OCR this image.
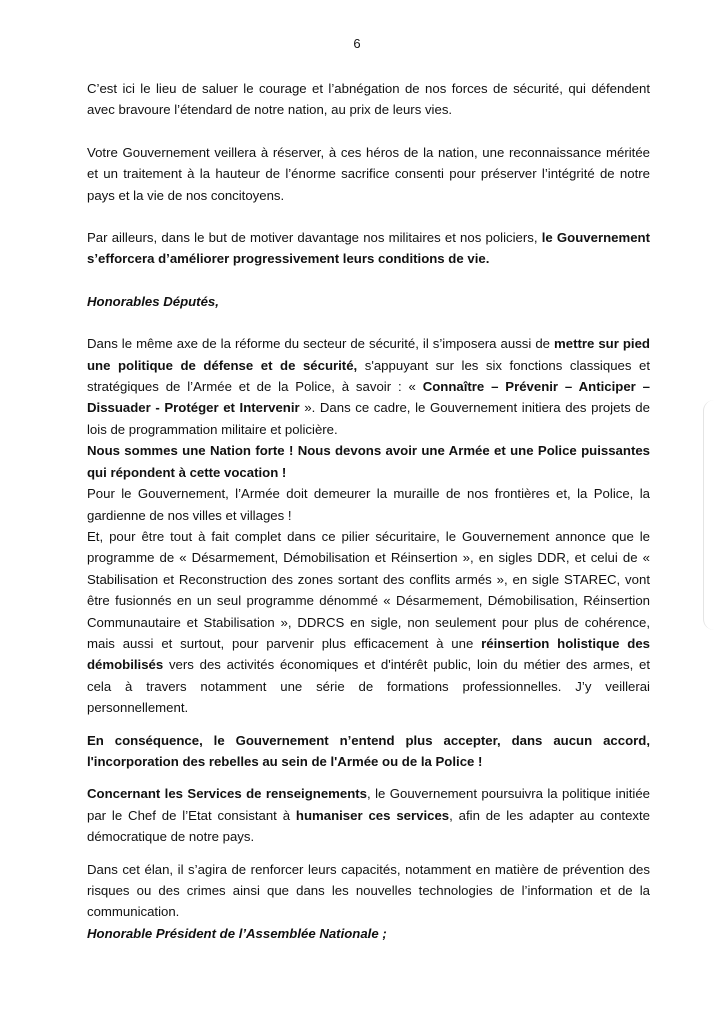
6

C’est ici le lieu de saluer le courage et l’abnégation de nos forces de sécurité, qui défendent avec bravoure l’étendard de notre nation, au prix de leurs vies.

Votre Gouvernement veillera à réserver, à ces héros de la nation, une reconnaissance méritée et un traitement à la hauteur de l’énorme sacrifice consenti pour préserver l’intégrité de notre pays et la vie de nos concitoyens.

Par ailleurs, dans le but de motiver davantage nos militaires et nos policiers, le Gouvernement s’efforcera d’améliorer progressivement leurs conditions de vie.

Honorables Députés,

Dans le même axe de la réforme du secteur de sécurité, il s’imposera aussi de mettre sur pied une politique de défense et de sécurité, s'appuyant sur les six fonctions classiques et stratégiques de l’Armée et de la Police, à savoir : « Connaître – Prévenir – Anticiper – Dissuader - Protéger et Intervenir ». Dans ce cadre, le Gouvernement initiera des projets de lois de programmation militaire et policière.

Nous sommes une Nation forte ! Nous devons avoir une Armée et une Police puissantes qui répondent à cette vocation !

Pour le Gouvernement, l’Armée doit demeurer la muraille de nos frontières et, la Police, la gardienne de nos villes et villages !

Et, pour être tout à fait complet dans ce pilier sécuritaire, le Gouvernement annonce que le programme de « Désarmement, Démobilisation et Réinsertion », en sigles DDR, et celui de « Stabilisation et Reconstruction des zones sortant des conflits armés », en sigle STAREC, vont être fusionnés en un seul programme dénommé « Désarmement, Démobilisation, Réinsertion Communautaire et Stabilisation », DDRCS en sigle, non seulement pour plus de cohérence, mais aussi et surtout, pour parvenir plus efficacement à une réinsertion holistique des démobilisés vers des activités économiques et d'intérêt public, loin du métier des armes, et cela à travers notamment une série de formations professionnelles. J’y veillerai personnellement.

En conséquence, le Gouvernement n’entend plus accepter, dans aucun accord, l'incorporation des rebelles au sein de l'Armée ou de la Police !

Concernant les Services de renseignements, le Gouvernement poursuivra la politique initiée par le Chef de l’Etat consistant à humaniser ces services, afin de les adapter au contexte démocratique de notre pays.

Dans cet élan, il s’agira de renforcer leurs capacités, notamment en matière de prévention des risques ou des crimes ainsi que dans les nouvelles technologies de l’information et de la communication.

Honorable Président de l’Assemblée Nationale ;
